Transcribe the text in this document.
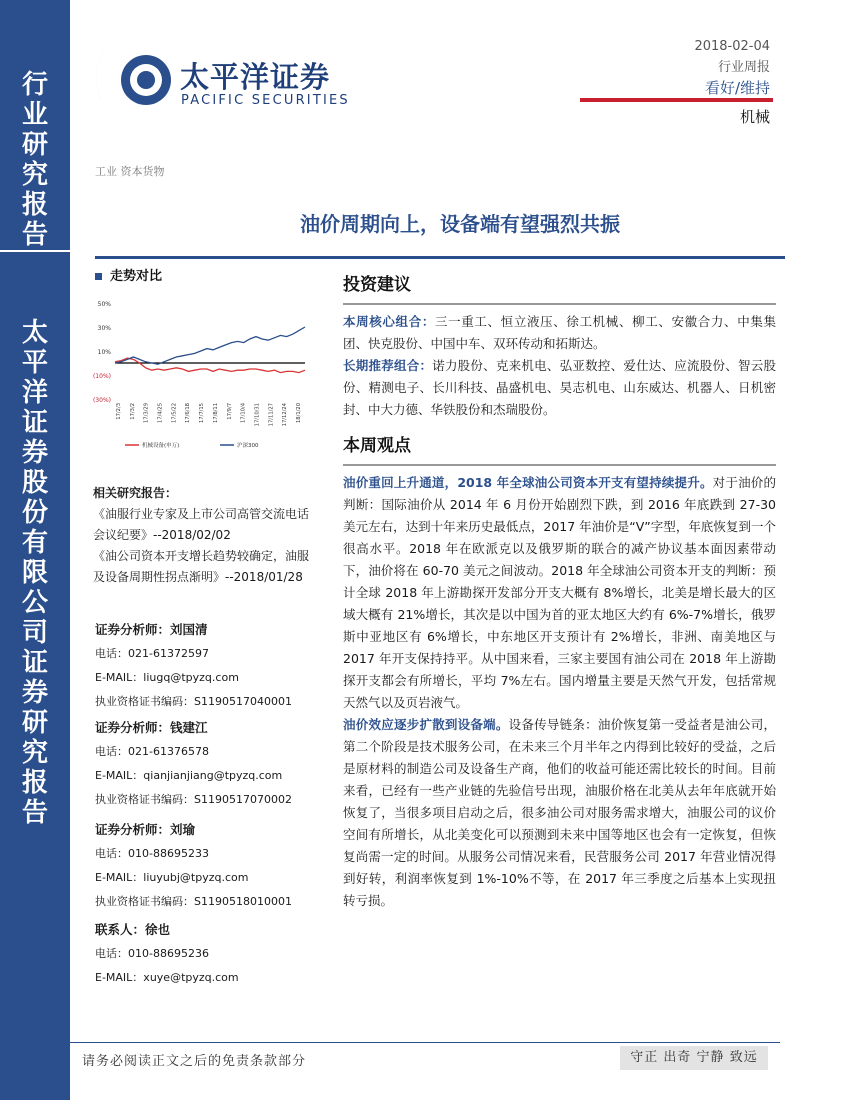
行业研究报告
太平洋证券股份有限公司证券研究报告
太平洋证券
PACIFIC SECURITIES
2018-02-04
行业周报
看好/维持
机械
工业 资本货物
油价周期向上，设备端有望强烈共振
走势对比
50%
30%
10%
(10%)
(30%)
17/2/3 17/3/2 17/3/29 17/4/25 17/5/22 17/6/18 17/7/15 17/8/11 17/9/7 17/10/4 17/10/31 17/11/27 17/12/24 18/1/20
机械设备(申万)	沪深300
相关研究报告：
《油服行业专家及上市公司高管交流电话会议纪要》--2018/02/02
《油公司资本开支增长趋势较确定，油服及设备周期性拐点渐明》--2018/01/28
证券分析师：刘国清
电话：021-61372597
E-MAIL：liugq@tpyzq.com
执业资格证书编码：S1190517040001
证券分析师：钱建江
电话：021-61376578
E-MAIL：qianjianjiang@tpyzq.com
执业资格证书编码：S1190517070002
证券分析师：刘瑜
电话：010-88695233
E-MAIL：liuyubj@tpyzq.com
执业资格证书编码：S1190518010001
联系人：徐也
电话：010-88695236
E-MAIL：xuye@tpyzq.com
投资建议

本周核心组合：三一重工、恒立液压、徐工机械、柳工、安徽合力、中集集团、快克股份、中国中车、双环传动和拓斯达。

长期推荐组合：诺力股份、克来机电、弘亚数控、爱仕达、应流股份、智云股份、精测电子、长川科技、晶盛机电、昊志机电、山东威达、机器人、日机密封、中大力德、华铁股份和杰瑞股份。

本周观点

油价重回上升通道，2018 年全球油公司资本开支有望持续提升。对于油价的判断：国际油价从 2014 年 6 月份开始剧烈下跌，到 2016 年底跌到 27-30 美元左右，达到十年来历史最低点，2017 年油价是“V”字型，年底恢复到一个很高水平。2018 年在欧派克以及俄罗斯的联合的减产协议基本面因素带动下，油价将在 60-70 美元之间波动。2018 年全球油公司资本开支的判断：预计全球 2018 年上游勘探开发部分开支大概有 8%增长，北美是增长最大的区域大概有 21%增长，其次是以中国为首的亚太地区大约有 6%-7%增长，俄罗斯中亚地区有 6%增长，中东地区开支预计有 2%增长，非洲、南美地区与 2017 年开支保持持平。从中国来看，三家主要国有油公司在 2018 年上游勘探开支都会有所增长，平均 7%左右。国内增量主要是天然气开发，包括常规天然气以及页岩液气。

油价效应逐步扩散到设备端。设备传导链条：油价恢复第一受益者是油公司，第二个阶段是技术服务公司，在未来三个月半年之内得到比较好的受益，之后是原材料的制造公司及设备生产商，他们的收益可能还需比较长的时间。目前来看，已经有一些产业链的先验信号出现，油服价格在北美从去年年底就开始恢复了，当很多项目启动之后，很多油公司对服务需求增大，油服公司的议价空间有所增长，从北美变化可以预测到未来中国等地区也会有一定恢复，但恢复尚需一定的时间。从服务公司情况来看，民营服务公司 2017 年营业情况得到好转，利润率恢复到 1%-10%不等，在 2017 年三季度之后基本上实现扭转亏损。

请务必阅读正文之后的免责条款部分	守正 出奇 宁静 致远
